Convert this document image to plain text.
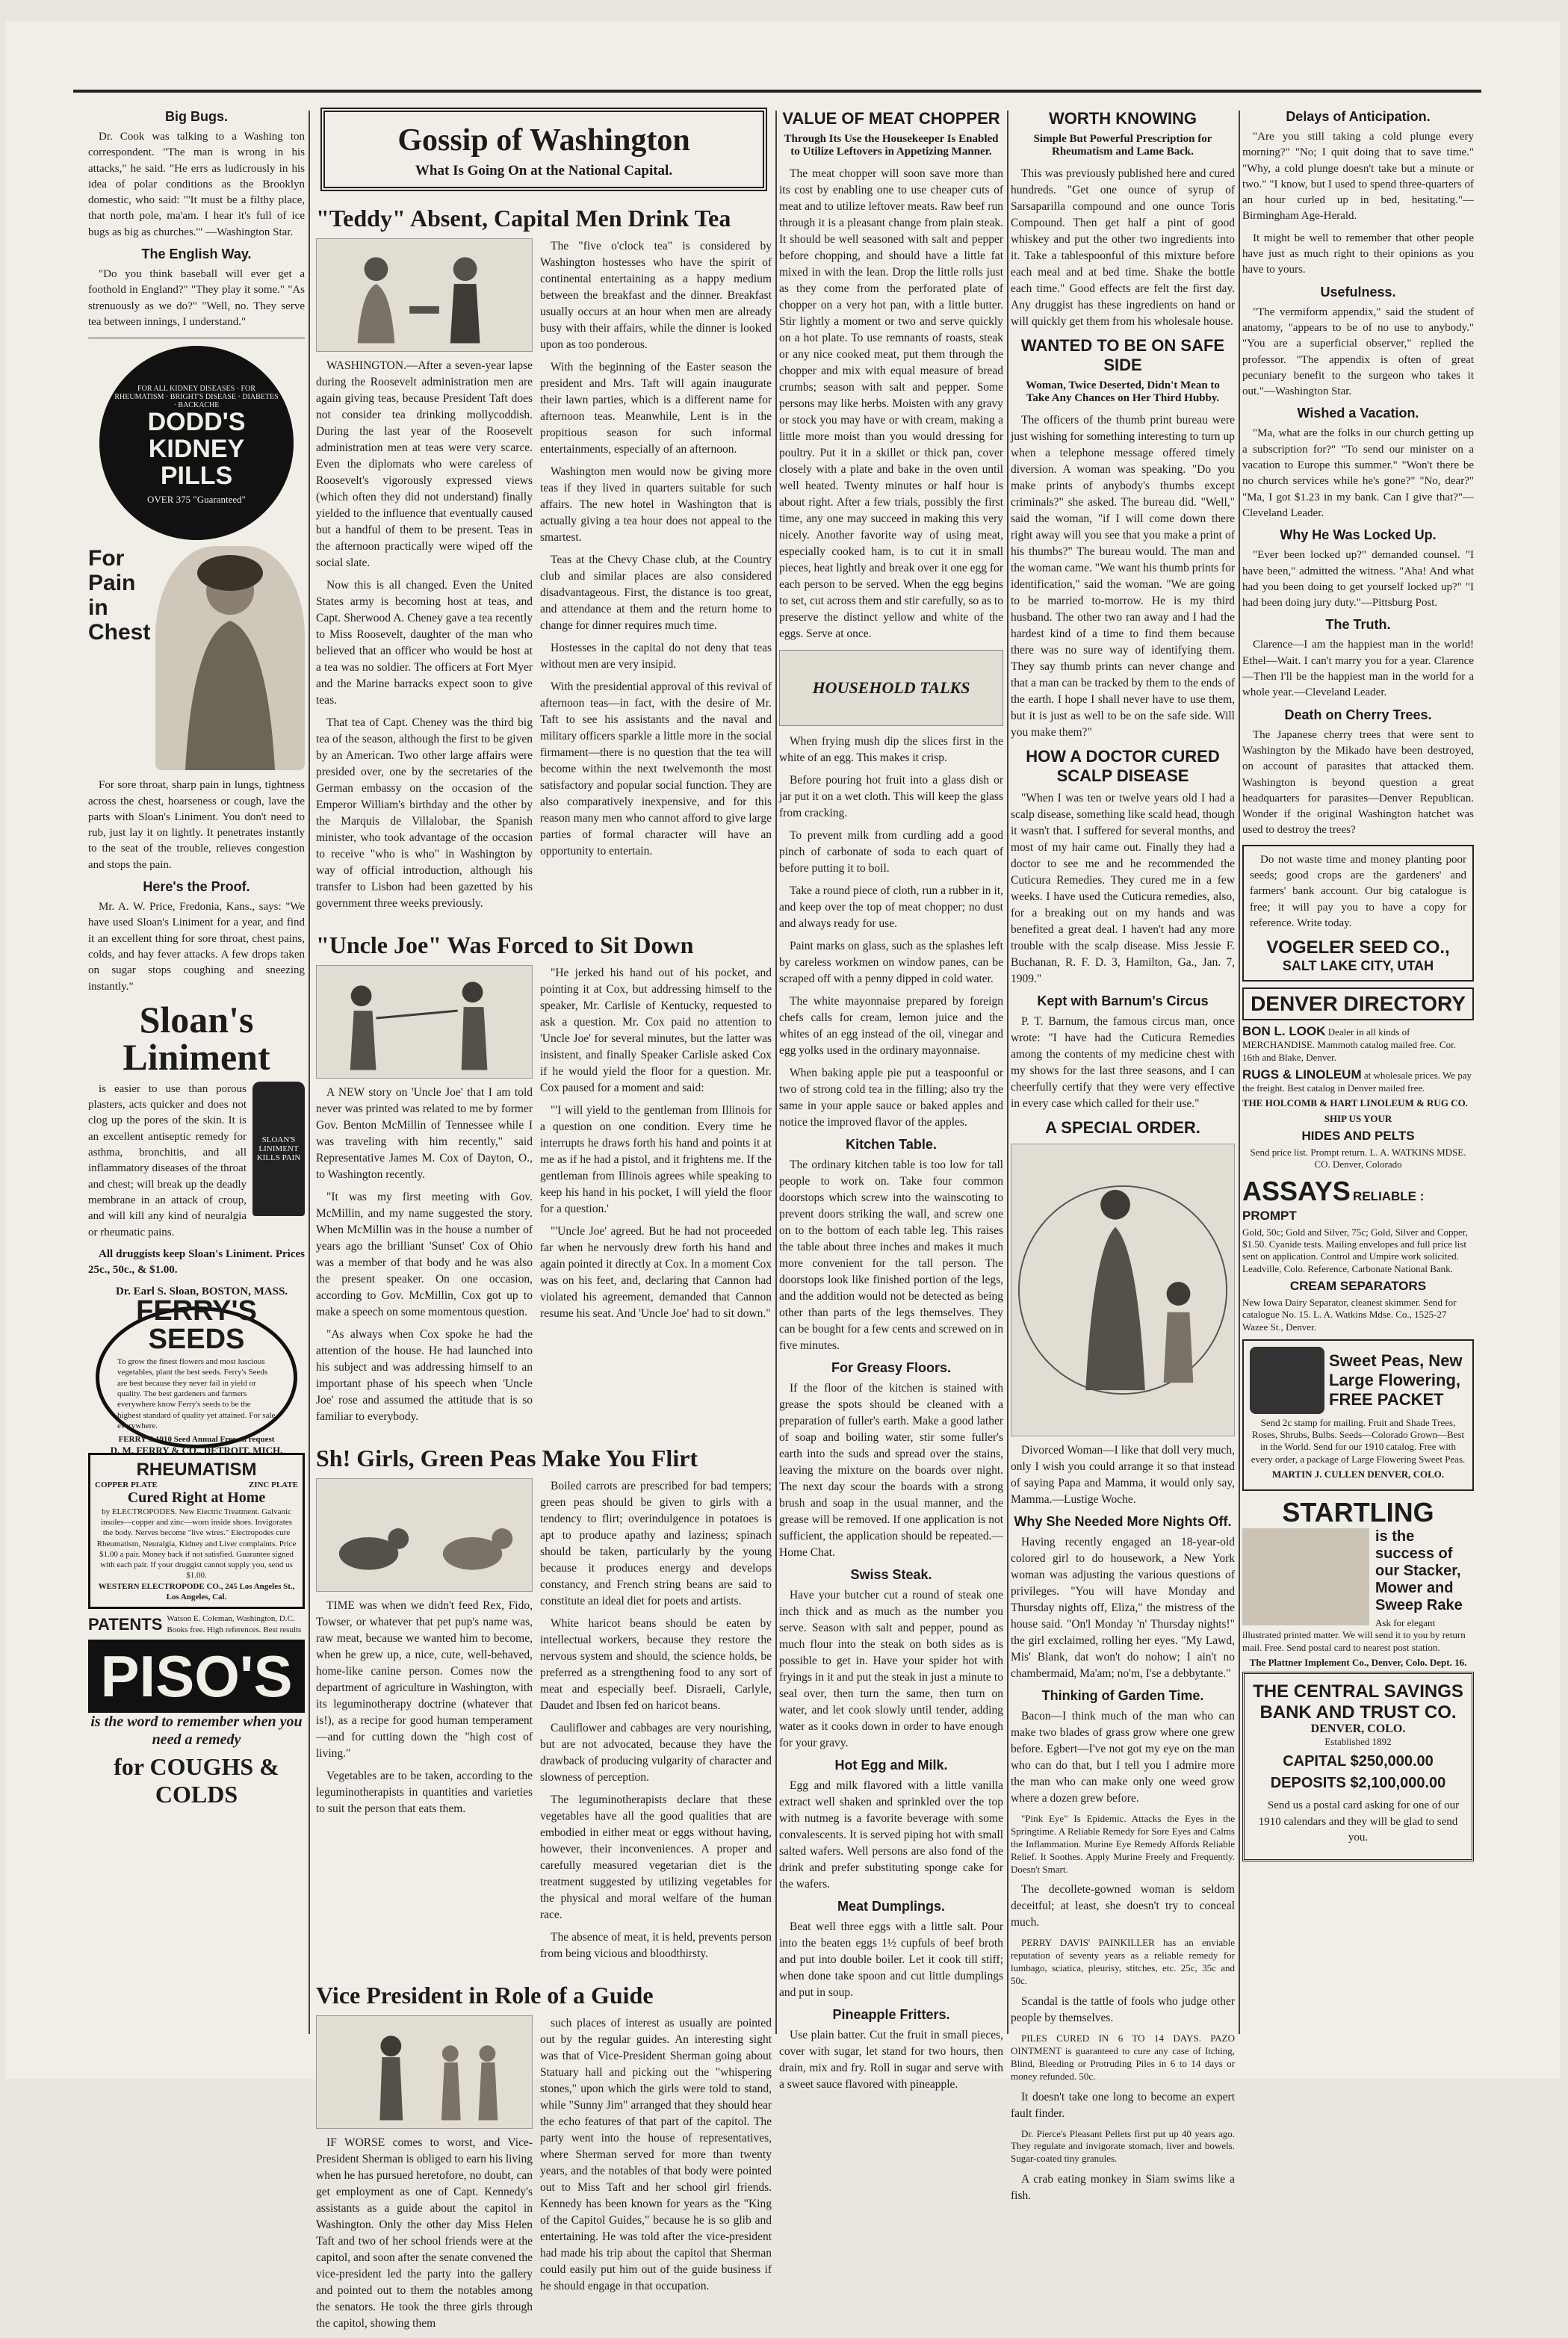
Big Bugs.
Dr. Cook was talking to a Washing ton correspondent. "The man is wrong in his attacks," he said. "He errs as ludicrously in his idea of polar conditions as the Brooklyn domestic, who said: "'It must be a filthy place, that north pole, ma'am. I hear it's full of ice bugs as big as churches.'" —Washington Star.
The English Way.
"Do you think baseball will ever get a foothold in England?" "They play it some." "As strenuously as we do?" "Well, no. They serve tea between innings, I understand."
FOR ALL KIDNEY DISEASES · FOR RHEUMATISM · BRIGHT'S DISEASE · DIABETES · BACKACHE
DODD'S
KIDNEY
PILLS
OVER 375 "Guaranteed"
For
Pain
in
Chest
For sore throat, sharp pain in lungs, tightness across the chest, hoarseness or cough, lave the parts with Sloan's Liniment. You don't need to rub, just lay it on lightly. It penetrates instantly to the seat of the trouble, relieves congestion and stops the pain.
Here's the Proof.
Mr. A. W. Price, Fredonia, Kans., says: "We have used Sloan's Liniment for a year, and find it an excellent thing for sore throat, chest pains, colds, and hay fever attacks. A few drops taken on sugar stops coughing and sneezing instantly."
Sloan's
Liniment
SLOAN'S LINIMENT KILLS PAIN
is easier to use than porous plasters, acts quicker and does not clog up the pores of the skin. It is an excellent antiseptic remedy for asthma, bronchitis, and all inflammatory diseases of the throat and chest; will break up the deadly membrane in an attack of croup, and will kill any kind of neuralgia or rheumatic pains.
All druggists keep Sloan's Liniment. Prices 25c., 50c., & $1.00.
Dr. Earl S. Sloan, BOSTON, MASS.
FERRY'S
SEEDS
To grow the finest flowers and most luscious vegetables, plant the best seeds. Ferry's Seeds are best because they never fail in yield or quality. The best gardeners and farmers everywhere know Ferry's seeds to be the highest standard of quality yet attained. For sale everywhere.
FERRY'S 1910 Seed Annual Free on request
D. M. FERRY & CO., DETROIT, MICH.
RHEUMATISM
COPPER PLATE	ZINC PLATE
Cured Right at Home
by ELECTROPODES. New Electric Treatment. Galvanic insoles—copper and zinc—worn inside shoes. Invigorates the body. Nerves become "live wires." Electropodes cure Rheumatism, Neuralgia, Kidney and Liver complaints. Price $1.00 a pair. Money back if not satisfied. Guarantee signed with each pair. If your druggist cannot supply you, send us $1.00.
WESTERN ELECTROPODE CO., 245 Los Angeles St., Los Angeles, Cal.
PATENTS Watson E. Coleman, Washington, D.C. Books free. High references. Best results
PISO'S
is the word to remember when you need a remedy
for COUGHS & COLDS
Gossip of Washington
What Is Going On at the National Capital.
"Teddy" Absent, Capital Men Drink Tea
WASHINGTON.—After a seven-year lapse during the Roosevelt administration men are again giving teas, because President Taft does not consider tea drinking mollycoddish. During the last year of the Roosevelt administration men at teas were very scarce. Even the diplomats who were careless of Roosevelt's vigorously expressed views (which often they did not understand) finally yielded to the influence that eventually caused but a handful of them to be present. Teas in the afternoon practically were wiped off the social slate.
Now this is all changed. Even the United States army is becoming host at teas, and Capt. Sherwood A. Cheney gave a tea recently to Miss Roosevelt, daughter of the man who believed that an officer who would be host at a tea was no soldier. The officers at Fort Myer and the Marine barracks expect soon to give teas.
That tea of Capt. Cheney was the third big tea of the season, although the first to be given by an American. Two other large affairs were presided over, one by the secretaries of the German embassy on the occasion of the Emperor William's birthday and the other by the Marquis de Villalobar, the Spanish minister, who took advantage of the occasion to receive "who is who" in Washington by way of official introduction, although his transfer to Lisbon had been gazetted by his government three weeks previously.
The "five o'clock tea" is considered by Washington hostesses who have the spirit of continental entertaining as a happy medium between the breakfast and the dinner. Breakfast usually occurs at an hour when men are already busy with their affairs, while the dinner is looked upon as too ponderous.
With the beginning of the Easter season the president and Mrs. Taft will again inaugurate their lawn parties, which is a different name for afternoon teas. Meanwhile, Lent is in the propitious season for such informal entertainments, especially of an afternoon.
Washington men would now be giving more teas if they lived in quarters suitable for such affairs. The new hotel in Washington that is actually giving a tea hour does not appeal to the smartest.
Teas at the Chevy Chase club, at the Country club and similar places are also considered disadvantageous. First, the distance is too great, and attendance at them and the return home to change for dinner requires much time.
Hostesses in the capital do not deny that teas without men are very insipid.
With the presidential approval of this revival of afternoon teas—in fact, with the desire of Mr. Taft to see his assistants and the naval and military officers sparkle a little more in the social firmament—there is no question that the tea will become within the next twelvemonth the most satisfactory and popular social function. They are also comparatively inexpensive, and for this reason many men who cannot afford to give large parties of formal character will have an opportunity to entertain.
"Uncle Joe" Was Forced to Sit Down
A NEW story on 'Uncle Joe' that I am told never was printed was related to me by former Gov. Benton McMillin of Tennessee while I was traveling with him recently," said Representative James M. Cox of Dayton, O., to Washington recently.
"It was my first meeting with Gov. McMillin, and my name suggested the story. When McMillin was in the house a number of years ago the brilliant 'Sunset' Cox of Ohio was a member of that body and he was also the present speaker. On one occasion, according to Gov. McMillin, Cox got up to make a speech on some momentous question.
"As always when Cox spoke he had the attention of the house. He had launched into his subject and was addressing himself to an important phase of his speech when 'Uncle Joe' rose and assumed the attitude that is so familiar to everybody.
"He jerked his hand out of his pocket, and pointing it at Cox, but addressing himself to the speaker, Mr. Carlisle of Kentucky, requested to ask a question. Mr. Cox paid no attention to 'Uncle Joe' for several minutes, but the latter was insistent, and finally Speaker Carlisle asked Cox if he would yield the floor for a question. Mr. Cox paused for a moment and said:
"'I will yield to the gentleman from Illinois for a question on one condition. Every time he interrupts he draws forth his hand and points it at me as if he had a pistol, and it frightens me. If the gentleman from Illinois agrees while speaking to keep his hand in his pocket, I will yield the floor for a question.'
"'Uncle Joe' agreed. But he had not proceeded far when he nervously drew forth his hand and again pointed it directly at Cox. In a moment Cox was on his feet, and, declaring that Cannon had violated his agreement, demanded that Cannon resume his seat. And 'Uncle Joe' had to sit down."
Sh! Girls, Green Peas Make You Flirt
TIME was when we didn't feed Rex, Fido, Towser, or whatever that pet pup's name was, raw meat, because we wanted him to become, when he grew up, a nice, cute, well-behaved, home-like canine person. Comes now the department of agriculture in Washington, with its leguminotherapy doctrine (whatever that is!), as a recipe for good human temperament—and for cutting down the "high cost of living."
Vegetables are to be taken, according to the leguminotherapists in quantities and varieties to suit the person that eats them.
Boiled carrots are prescribed for bad tempers; green peas should be given to girls with a tendency to flirt; overindulgence in potatoes is apt to produce apathy and laziness; spinach should be taken, particularly by the young because it produces energy and develops constancy, and French string beans are said to constitute an ideal diet for poets and artists.
White haricot beans should be eaten by intellectual workers, because they restore the nervous system and should, the science holds, be preferred as a strengthening food to any sort of meat and especially beef. Disraeli, Carlyle, Daudet and Ibsen fed on haricot beans.
Cauliflower and cabbages are very nourishing, but are not advocated, because they have the drawback of producing vulgarity of character and slowness of perception.
The leguminotherapists declare that these vegetables have all the good qualities that are embodied in either meat or eggs without having, however, their inconveniences. A proper and carefully measured vegetarian diet is the treatment suggested by utilizing vegetables for the physical and moral welfare of the human race.
The absence of meat, it is held, prevents person from being vicious and bloodthirsty.
Vice President in Role of a Guide
IF WORSE comes to worst, and Vice-President Sherman is obliged to earn his living when he has pursued heretofore, no doubt, can get employment as one of Capt. Kennedy's assistants as a guide about the capitol in Washington. Only the other day Miss Helen Taft and two of her school friends were at the capitol, and soon after the senate convened the vice-president led the party into the gallery and pointed out to them the notables among the senators. He took the three girls through the capitol, showing them
such places of interest as usually are pointed out by the regular guides. An interesting sight was that of Vice-President Sherman going about Statuary hall and picking out the "whispering stones," upon which the girls were told to stand, while "Sunny Jim" arranged that they should hear the echo features of that part of the capitol. The party went into the house of representatives, where Sherman served for more than twenty years, and the notables of that body were pointed out to Miss Taft and her school girl friends. Kennedy has been known for years as the "King of the Capitol Guides," because he is so glib and entertaining. He was told after the vice-president had made his trip about the capitol that Sherman could easily put him out of the guide business if he should engage in that occupation.
VALUE OF MEAT CHOPPER
Through Its Use the Housekeeper Is Enabled to Utilize Leftovers in Appetizing Manner.
The meat chopper will soon save more than its cost by enabling one to use cheaper cuts of meat and to utilize leftover meats. Raw beef run through it is a pleasant change from plain steak. It should be well seasoned with salt and pepper before chopping, and should have a little fat mixed in with the lean. Drop the little rolls just as they come from the perforated plate of chopper on a very hot pan, with a little butter. Stir lightly a moment or two and serve quickly on a hot plate. To use remnants of roasts, steak or any nice cooked meat, put them through the chopper and mix with equal measure of bread crumbs; season with salt and pepper. Some persons may like herbs. Moisten with any gravy or stock you may have or with cream, making a little more moist than you would dressing for poultry. Put it in a skillet or thick pan, cover closely with a plate and bake in the oven until well heated. Twenty minutes or half hour is about right. After a few trials, possibly the first time, any one may succeed in making this very nicely. Another favorite way of using meat, especially cooked ham, is to cut it in small pieces, heat lightly and break over it one egg for each person to be served. When the egg begins to set, cut across them and stir carefully, so as to preserve the distinct yellow and white of the eggs. Serve at once.
HOUSEHOLD TALKS
When frying mush dip the slices first in the white of an egg. This makes it crisp.
Before pouring hot fruit into a glass dish or jar put it on a wet cloth. This will keep the glass from cracking.
To prevent milk from curdling add a good pinch of carbonate of soda to each quart of before putting it to boil.
Take a round piece of cloth, run a rubber in it, and keep over the top of meat chopper; no dust and always ready for use.
Paint marks on glass, such as the splashes left by careless workmen on window panes, can be scraped off with a penny dipped in cold water.
The white mayonnaise prepared by foreign chefs calls for cream, lemon juice and the whites of an egg instead of the oil, vinegar and egg yolks used in the ordinary mayonnaise.
When baking apple pie put a teaspoonful or two of strong cold tea in the filling; also try the same in your apple sauce or baked apples and notice the improved flavor of the apples.
Kitchen Table.
The ordinary kitchen table is too low for tall people to work on. Take four common doorstops which screw into the wainscoting to prevent doors striking the wall, and screw one on to the bottom of each table leg. This raises the table about three inches and makes it much more convenient for the tall person. The doorstops look like finished portion of the legs, and the addition would not be detected as being other than parts of the legs themselves. They can be bought for a few cents and screwed on in five minutes.
For Greasy Floors.
If the floor of the kitchen is stained with grease the spots should be cleaned with a preparation of fuller's earth. Make a good lather of soap and boiling water, stir some fuller's earth into the suds and spread over the stains, leaving the mixture on the boards over night. The next day scour the boards with a strong brush and soap in the usual manner, and the grease will be removed. If one application is not sufficient, the application should be repeated.—Home Chat.
Swiss Steak.
Have your butcher cut a round of steak one inch thick and as much as the number you serve. Season with salt and pepper, pound as much flour into the steak on both sides as is possible to get in. Have your spider hot with fryings in it and put the steak in just a minute to seal over, then turn the same, then turn on water, and let cook slowly until tender, adding water as it cooks down in order to have enough for your gravy.
Hot Egg and Milk.
Egg and milk flavored with a little vanilla extract well shaken and sprinkled over the top with nutmeg is a favorite beverage with some convalescents. It is served piping hot with small salted wafers. Well persons are also fond of the drink and prefer substituting sponge cake for the wafers.
Meat Dumplings.
Beat well three eggs with a little salt. Pour into the beaten eggs 1½ cupfuls of beef broth and put into double boiler. Let it cook till stiff; when done take spoon and cut little dumplings and put in soup.
Pineapple Fritters.
Use plain batter. Cut the fruit in small pieces, cover with sugar, let stand for two hours, then drain, mix and fry. Roll in sugar and serve with a sweet sauce flavored with pineapple.
WORTH KNOWING
Simple But Powerful Prescription for Rheumatism and Lame Back.
This was previously published here and cured hundreds. "Get one ounce of syrup of Sarsaparilla compound and one ounce Toris Compound. Then get half a pint of good whiskey and put the other two ingredients into it. Take a tablespoonful of this mixture before each meal and at bed time. Shake the bottle each time." Good effects are felt the first day. Any druggist has these ingredients on hand or will quickly get them from his wholesale house.
WANTED TO BE ON SAFE SIDE
Woman, Twice Deserted, Didn't Mean to Take Any Chances on Her Third Hubby.
The officers of the thumb print bureau were just wishing for something interesting to turn up when a telephone message offered timely diversion. A woman was speaking. "Do you make prints of anybody's thumbs except criminals?" she asked. The bureau did. "Well," said the woman, "if I will come down there right away will you see that you make a print of his thumbs?" The bureau would. The man and the woman came. "We want his thumb prints for identification," said the woman. "We are going to be married to-morrow. He is my third husband. The other two ran away and I had the hardest kind of a time to find them because there was no sure way of identifying them. They say thumb prints can never change and that a man can be tracked by them to the ends of the earth. I hope I shall never have to use them, but it is just as well to be on the safe side. Will you make them?"
HOW A DOCTOR CURED SCALP DISEASE
"When I was ten or twelve years old I had a scalp disease, something like scald head, though it wasn't that. I suffered for several months, and most of my hair came out. Finally they had a doctor to see me and he recommended the Cuticura Remedies. They cured me in a few weeks. I have used the Cuticura remedies, also, for a breaking out on my hands and was benefited a great deal. I haven't had any more trouble with the scalp disease. Miss Jessie F. Buchanan, R. F. D. 3, Hamilton, Ga., Jan. 7, 1909."
Kept with Barnum's Circus
P. T. Barnum, the famous circus man, once wrote: "I have had the Cuticura Remedies among the contents of my medicine chest with my shows for the last three seasons, and I can cheerfully certify that they were very effective in every case which called for their use."
A SPECIAL ORDER.
Divorced Woman—I like that doll very much, only I wish you could arrange it so that instead of saying Papa and Mamma, it would only say, Mamma.—Lustige Woche.
Why She Needed More Nights Off.
Having recently engaged an 18-year-old colored girl to do housework, a New York woman was adjusting the various questions of privileges. "You will have Monday and Thursday nights off, Eliza," the mistress of the house said. "On'l Monday 'n' Thursday nights!" the girl exclaimed, rolling her eyes. "My Lawd, Mis' Blank, dat won't do nohow; I ain't no chambermaid, Ma'am; no'm, I'se a debbytante."
Thinking of Garden Time.
Bacon—I think much of the man who can make two blades of grass grow where one grew before. Egbert—I've not got my eye on the man who can do that, but I tell you I admire more the man who can make only one weed grow where a dozen grew before.
"Pink Eye" Is Epidemic. Attacks the Eyes in the Springtime. A Reliable Remedy for Sore Eyes and Calms the Inflammation. Murine Eye Remedy Affords Reliable Relief. It Soothes. Apply Murine Freely and Frequently. Doesn't Smart.
The decollete-gowned woman is seldom deceitful; at least, she doesn't try to conceal much.
PERRY DAVIS' PAINKILLER has an enviable reputation of seventy years as a reliable remedy for lumbago, sciatica, pleurisy, stitches, etc. 25c, 35c and 50c.
Scandal is the tattle of fools who judge other people by themselves.
PILES CURED IN 6 TO 14 DAYS. PAZO OINTMENT is guaranteed to cure any case of Itching, Blind, Bleeding or Protruding Piles in 6 to 14 days or money refunded. 50c.
It doesn't take one long to become an expert fault finder.
Dr. Pierce's Pleasant Pellets first put up 40 years ago. They regulate and invigorate stomach, liver and bowels. Sugar-coated tiny granules.
A crab eating monkey in Siam swims like a fish.
Delays of Anticipation.
"Are you still taking a cold plunge every morning?" "No; I quit doing that to save time." "Why, a cold plunge doesn't take but a minute or two." "I know, but I used to spend three-quarters of an hour curled up in bed, hesitating."—Birmingham Age-Herald.
It might be well to remember that other people have just as much right to their opinions as you have to yours.
Usefulness.
"The vermiform appendix," said the student of anatomy, "appears to be of no use to anybody." "You are a superficial observer," replied the professor. "The appendix is often of great pecuniary benefit to the surgeon who takes it out."—Washington Star.
Wished a Vacation.
"Ma, what are the folks in our church getting up a subscription for?" "To send our minister on a vacation to Europe this summer." "Won't there be no church services while he's gone?" "No, dear?" "Ma, I got $1.23 in my bank. Can I give that?"—Cleveland Leader.
Why He Was Locked Up.
"Ever been locked up?" demanded counsel. "I have been," admitted the witness. "Aha! And what had you been doing to get yourself locked up?" "I had been doing jury duty."—Pittsburg Post.
The Truth.
Clarence—I am the happiest man in the world! Ethel—Wait. I can't marry you for a year. Clarence—Then I'll be the happiest man in the world for a whole year.—Cleveland Leader.
Death on Cherry Trees.
The Japanese cherry trees that were sent to Washington by the Mikado have been destroyed, on account of parasites that attacked them. Washington is beyond question a great headquarters for parasites—Denver Republican. Wonder if the original Washington hatchet was used to destroy the trees?
Do not waste time and money planting poor seeds; good crops are the gardeners' and farmers' bank account. Our big catalogue is free; it will pay you to have a copy for reference. Write today.
VOGELER SEED CO.,
SALT LAKE CITY, UTAH
DENVER DIRECTORY
BON L. LOOK Dealer in all kinds of MERCHANDISE. Mammoth catalog mailed free. Cor. 16th and Blake, Denver.
RUGS & LINOLEUM at wholesale prices. We pay the freight. Best catalog in Denver mailed free.
THE HOLCOMB & HART LINOLEUM & RUG CO.
SHIP US YOUR
HIDES AND PELTS
Send price list. Prompt return. L. A. WATKINS MDSE. CO. Denver, Colorado
ASSAYS RELIABLE : PROMPT
Gold, 50c; Gold and Silver, 75c; Gold, Silver and Copper, $1.50. Cyanide tests. Mailing envelopes and full price list sent on application. Control and Umpire work solicited. Leadville, Colo. Reference, Carbonate National Bank.
CREAM SEPARATORS
New Iowa Dairy Separator, cleanest skimmer. Send for catalogue No. 15. L. A. Watkins Mdse. Co., 1525-27 Wazee St., Denver.
Sweet Peas, New Large Flowering, FREE PACKET
Send 2c stamp for mailing. Fruit and Shade Trees, Roses, Shrubs, Bulbs. Seeds—Colorado Grown—Best in the World. Send for our 1910 catalog. Free with every order, a package of Large Flowering Sweet Peas.
MARTIN J. CULLEN DENVER, COLO.
STARTLING
is the success of our Stacker, Mower and Sweep Rake
Ask for elegant illustrated printed matter. We will send it to you by return mail. Free. Send postal card to nearest post station.
The Plattner Implement Co., Denver, Colo. Dept. 16.
THE CENTRAL SAVINGS BANK AND TRUST CO.
DENVER, COLO.
Established 1892
CAPITAL $250,000.00
DEPOSITS $2,100,000.00
Send us a postal card asking for one of our 1910 calendars and they will be glad to send you.
